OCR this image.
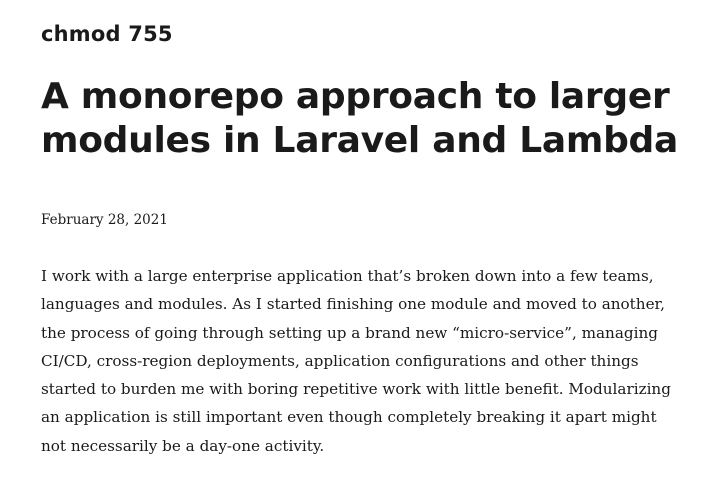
chmod 755
A monorepo approach to larger modules in Laravel and Lambda

February 28, 2021

I work with a large enterprise application that’s broken down into a few teams, languages and modules. As I started finishing one module and moved to another, the process of going through setting up a brand new “micro-service”, managing CI/CD, cross-region deployments, application configurations and other things started to burden me with boring repetitive work with little benefit. Modularizing an application is still important even though completely breaking it apart might not necessarily be a day-one activity.
